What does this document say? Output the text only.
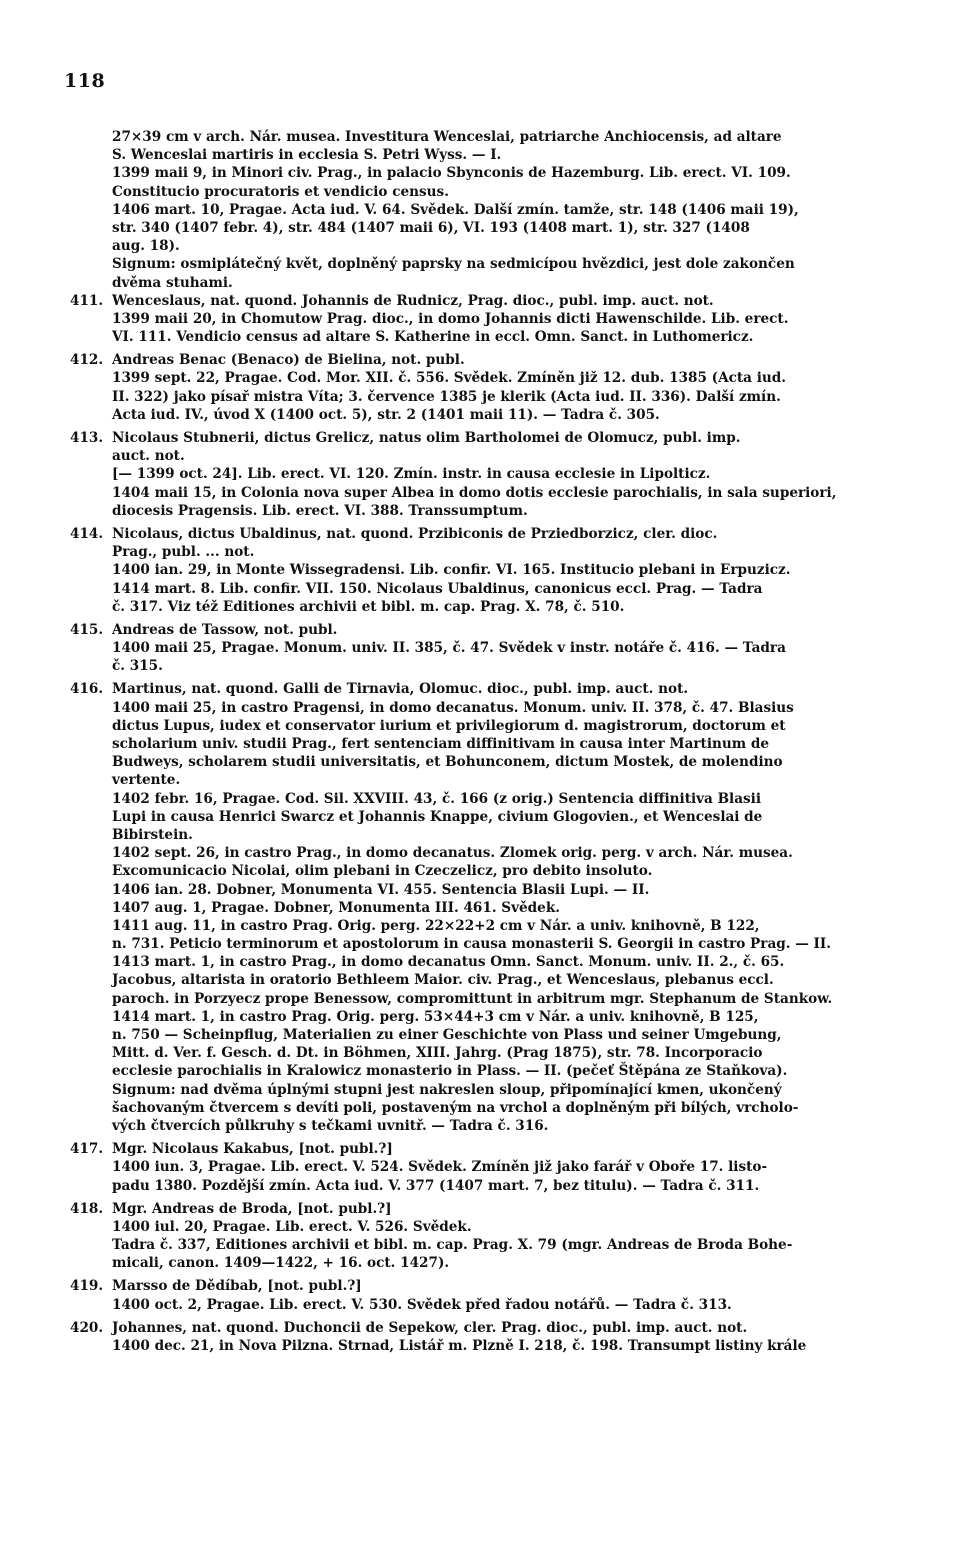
118
27×39 cm v arch. Nár. musea. Investitura Wenceslai, patriarche Anchiocensis, ad altare
S. Wenceslai martiris in ecclesia S. Petri Wyss. — I.
1399 maii 9, in Minori civ. Prag., in palacio Sbynconis de Hazemburg. Lib. erect. VI. 109.
Constitucio procuratoris et vendicio census.
1406 mart. 10, Pragae. Acta iud. V. 64. Svědek. Další zmín. tamže, str. 148 (1406 maii 19),
str. 340 (1407 febr. 4), str. 484 (1407 maii 6), VI. 193 (1408 mart. 1), str. 327 (1408
aug. 18).
Signum: osmiplátečný květ, doplněný paprsky na sedmicípou hvězdici, jest dole zakončen
dvěma stuhami.
411. Wenceslaus, nat. quond. Johannis de Rudnicz, Prag. dioc., publ. imp. auct. not.
1399 maii 20, in Chomutow Prag. dioc., in domo Johannis dicti Hawenschilde. Lib. erect.
VI. 111. Vendicio census ad altare S. Katherine in eccl. Omn. Sanct. in Luthomericz.
412. Andreas Benac (Benaco) de Bielina, not. publ.
1399 sept. 22, Pragae. Cod. Mor. XII. č. 556. Svědek. Zmíněn již 12. dub. 1385 (Acta iud.
II. 322) jako písař mistra Víta; 3. července 1385 je klerik (Acta iud. II. 336). Další zmín.
Acta iud. IV., úvod X (1400 oct. 5), str. 2 (1401 maii 11). — Tadra č. 305.
413. Nicolaus Stubnerii, dictus Grelicz, natus olim Bartholomei de Olomucz, publ. imp.
auct. not.
[— 1399 oct. 24]. Lib. erect. VI. 120. Zmín. instr. in causa ecclesie in Lipolticz.
1404 maii 15, in Colonia nova super Albea in domo dotis ecclesie parochialis, in sala superiori,
diocesis Pragensis. Lib. erect. VI. 388. Transsumptum.
414. Nicolaus, dictus Ubaldinus, nat. quond. Przibiconis de Prziedborzicz, cler. dioc.
Prag., publ. ... not.
1400 ian. 29, in Monte Wissegradensi. Lib. confir. VI. 165. Institucio plebani in Erpuzicz.
1414 mart. 8. Lib. confir. VII. 150. Nicolaus Ubaldinus, canonicus eccl. Prag. — Tadra
č. 317. Viz též Editiones archivii et bibl. m. cap. Prag. X. 78, č. 510.
415. Andreas de Tassow, not. publ.
1400 maii 25, Pragae. Monum. univ. II. 385, č. 47. Svědek v instr. notáře č. 416. — Tadra
č. 315.
416. Martinus, nat. quond. Galli de Tirnavia, Olomuc. dioc., publ. imp. auct. not.
1400 maii 25, in castro Pragensi, in domo decanatus. Monum. univ. II. 378, č. 47. Blasius
dictus Lupus, iudex et conservator iurium et privilegiorum d. magistrorum, doctorum et
scholarium univ. studii Prag., fert sentenciam diffinitivam in causa inter Martinum de
Budweys, scholarem studii universitatis, et Bohunconem, dictum Mostek, de molendino
vertente.
1402 febr. 16, Pragae. Cod. Sil. XXVIII. 43, č. 166 (z orig.) Sentencia diffinitiva Blasii
Lupi in causa Henrici Swarcz et Johannis Knappe, civium Glogovien., et Wenceslai de
Bibirstein.
1402 sept. 26, in castro Prag., in domo decanatus. Zlomek orig. perg. v arch. Nár. musea.
Excomunicacio Nicolai, olim plebani in Czeczelicz, pro debito insoluto.
1406 ian. 28. Dobner, Monumenta VI. 455. Sentencia Blasii Lupi. — II.
1407 aug. 1, Pragae. Dobner, Monumenta III. 461. Svědek.
1411 aug. 11, in castro Prag. Orig. perg. 22×22+2 cm v Nár. a univ. knihovně, B 122,
n. 731. Peticio terminorum et apostolorum in causa monasterii S. Georgii in castro Prag. — II.
1413 mart. 1, in castro Prag., in domo decanatus Omn. Sanct. Monum. univ. II. 2., č. 65.
Jacobus, altarista in oratorio Bethleem Maior. civ. Prag., et Wenceslaus, plebanus eccl.
paroch. in Porzyecz prope Benessow, compromittunt in arbitrum mgr. Stephanum de Stankow.
1414 mart. 1, in castro Prag. Orig. perg. 53×44+3 cm v Nár. a univ. knihovně, B 125,
n. 750 — Scheinpflug, Materialien zu einer Geschichte von Plass und seiner Umgebung,
Mitt. d. Ver. f. Gesch. d. Dt. in Böhmen, XIII. Jahrg. (Prag 1875), str. 78. Incorporacio
ecclesie parochialis in Kralowicz monasterio in Plass. — II. (pečeť Štěpána ze Staňkova).
Signum: nad dvěma úplnými stupni jest nakreslen sloup, připomínající kmen, ukončený
šachovaným čtvercem s devíti poli, postaveným na vrchol a doplněným při bílých, vrcholo-
vých čtvercích půlkruhy s tečkami uvnitř. — Tadra č. 316.
417. Mgr. Nicolaus Kakabus, [not. publ.?]
1400 iun. 3, Pragae. Lib. erect. V. 524. Svědek. Zmíněn již jako farář v Oboře 17. listo-
padu 1380. Pozdější zmín. Acta iud. V. 377 (1407 mart. 7, bez titulu). — Tadra č. 311.
418. Mgr. Andreas de Broda, [not. publ.?]
1400 iul. 20, Pragae. Lib. erect. V. 526. Svědek.
Tadra č. 337, Editiones archivii et bibl. m. cap. Prag. X. 79 (mgr. Andreas de Broda Bohe-
micali, canon. 1409—1422, + 16. oct. 1427).
419. Marsso de Dědíbab, [not. publ.?]
1400 oct. 2, Pragae. Lib. erect. V. 530. Svědek před řadou notářů. — Tadra č. 313.
420. Johannes, nat. quond. Duchoncii de Sepekow, cler. Prag. dioc., publ. imp. auct. not.
1400 dec. 21, in Nova Pilzna. Strnad, Listář m. Plzně I. 218, č. 198. Transumpt listiny krále
